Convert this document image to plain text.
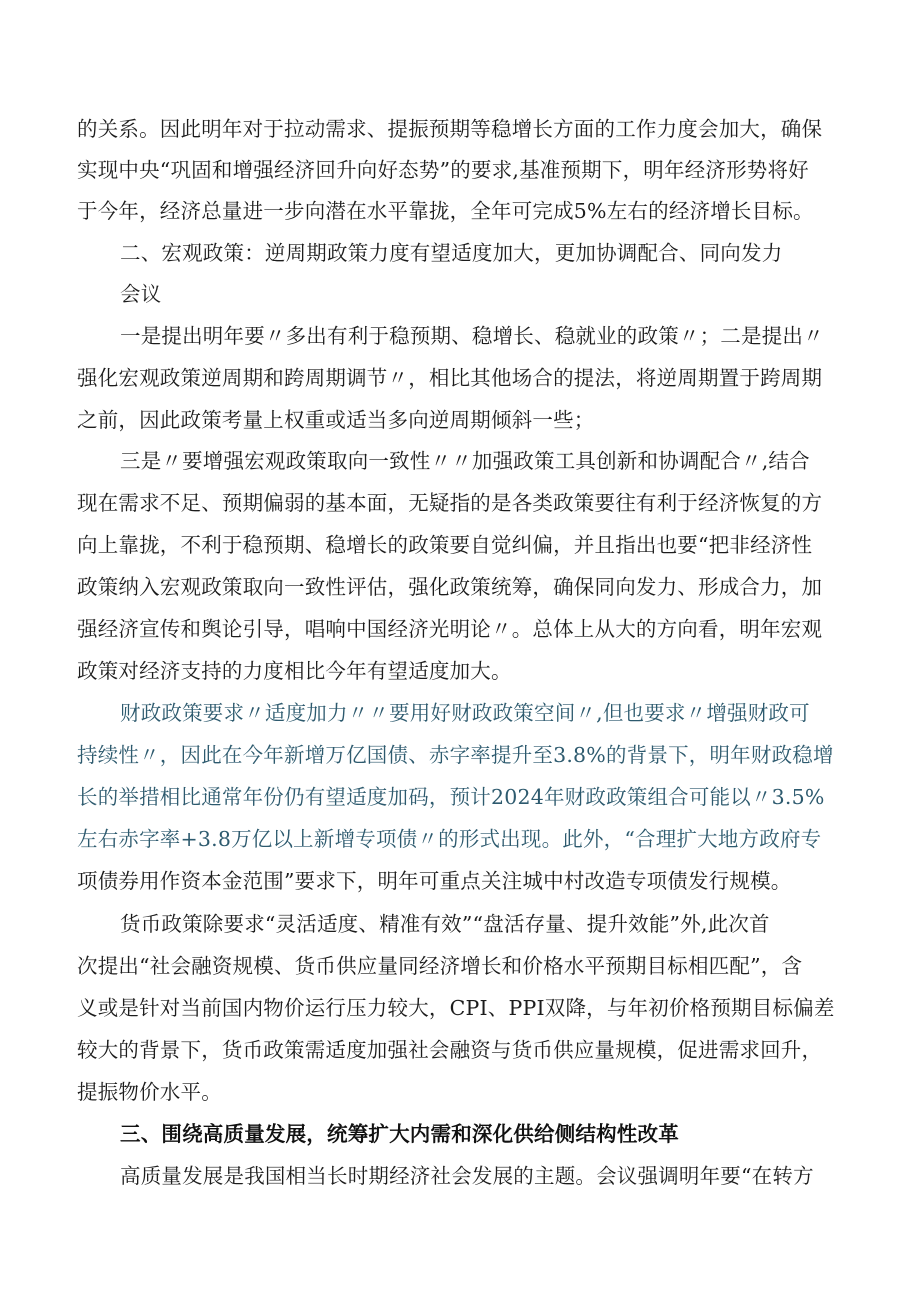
的关系。因此明年对于拉动需求、提振预期等稳增长方面的工作力度会加大，确保
实现中央“巩固和增强经济回升向好态势”的要求,基准预期下，明年经济形势将好
于今年，经济总量进一步向潜在水平靠拢，全年可完成5%左右的经济增长目标。
二、宏观政策：逆周期政策力度有望适度加大，更加协调配合、同向发力
会议
一是提出明年要〃多出有利于稳预期、稳增长、稳就业的政策〃；二是提出〃
强化宏观政策逆周期和跨周期调节〃，相比其他场合的提法，将逆周期置于跨周期
之前，因此政策考量上权重或适当多向逆周期倾斜一些；
三是〃要增强宏观政策取向一致性〃〃加强政策工具创新和协调配合〃,结合
现在需求不足、预期偏弱的基本面，无疑指的是各类政策要往有利于经济恢复的方
向上靠拢，不利于稳预期、稳增长的政策要自觉纠偏，并且指出也要“把非经济性
政策纳入宏观政策取向一致性评估，强化政策统筹，确保同向发力、形成合力，加
强经济宣传和舆论引导，唱响中国经济光明论〃。总体上从大的方向看，明年宏观
政策对经济支持的力度相比今年有望适度加大。
财政政策要求〃适度加力〃〃要用好财政政策空间〃,但也要求〃增强财政可
持续性〃，因此在今年新增万亿国债、赤字率提升至3.8%的背景下，明年财政稳增
长的举措相比通常年份仍有望适度加码，预计2024年财政政策组合可能以〃3.5%
左右赤字率+3.8万亿以上新增专项债〃的形式出现。此外，“合理扩大地方政府专
项债券用作资本金范围”要求下，明年可重点关注城中村改造专项债发行规模。
货币政策除要求“灵活适度、精准有效”“盘活存量、提升效能”外,此次首
次提出“社会融资规模、货币供应量同经济增长和价格水平预期目标相匹配”，含
义或是针对当前国内物价运行压力较大，CPI、PPI双降，与年初价格预期目标偏差
较大的背景下，货币政策需适度加强社会融资与货币供应量规模，促进需求回升，
提振物价水平。
三、围绕高质量发展，统筹扩大内需和深化供给侧结构性改革
高质量发展是我国相当长时期经济社会发展的主题。会议强调明年要“在转方
